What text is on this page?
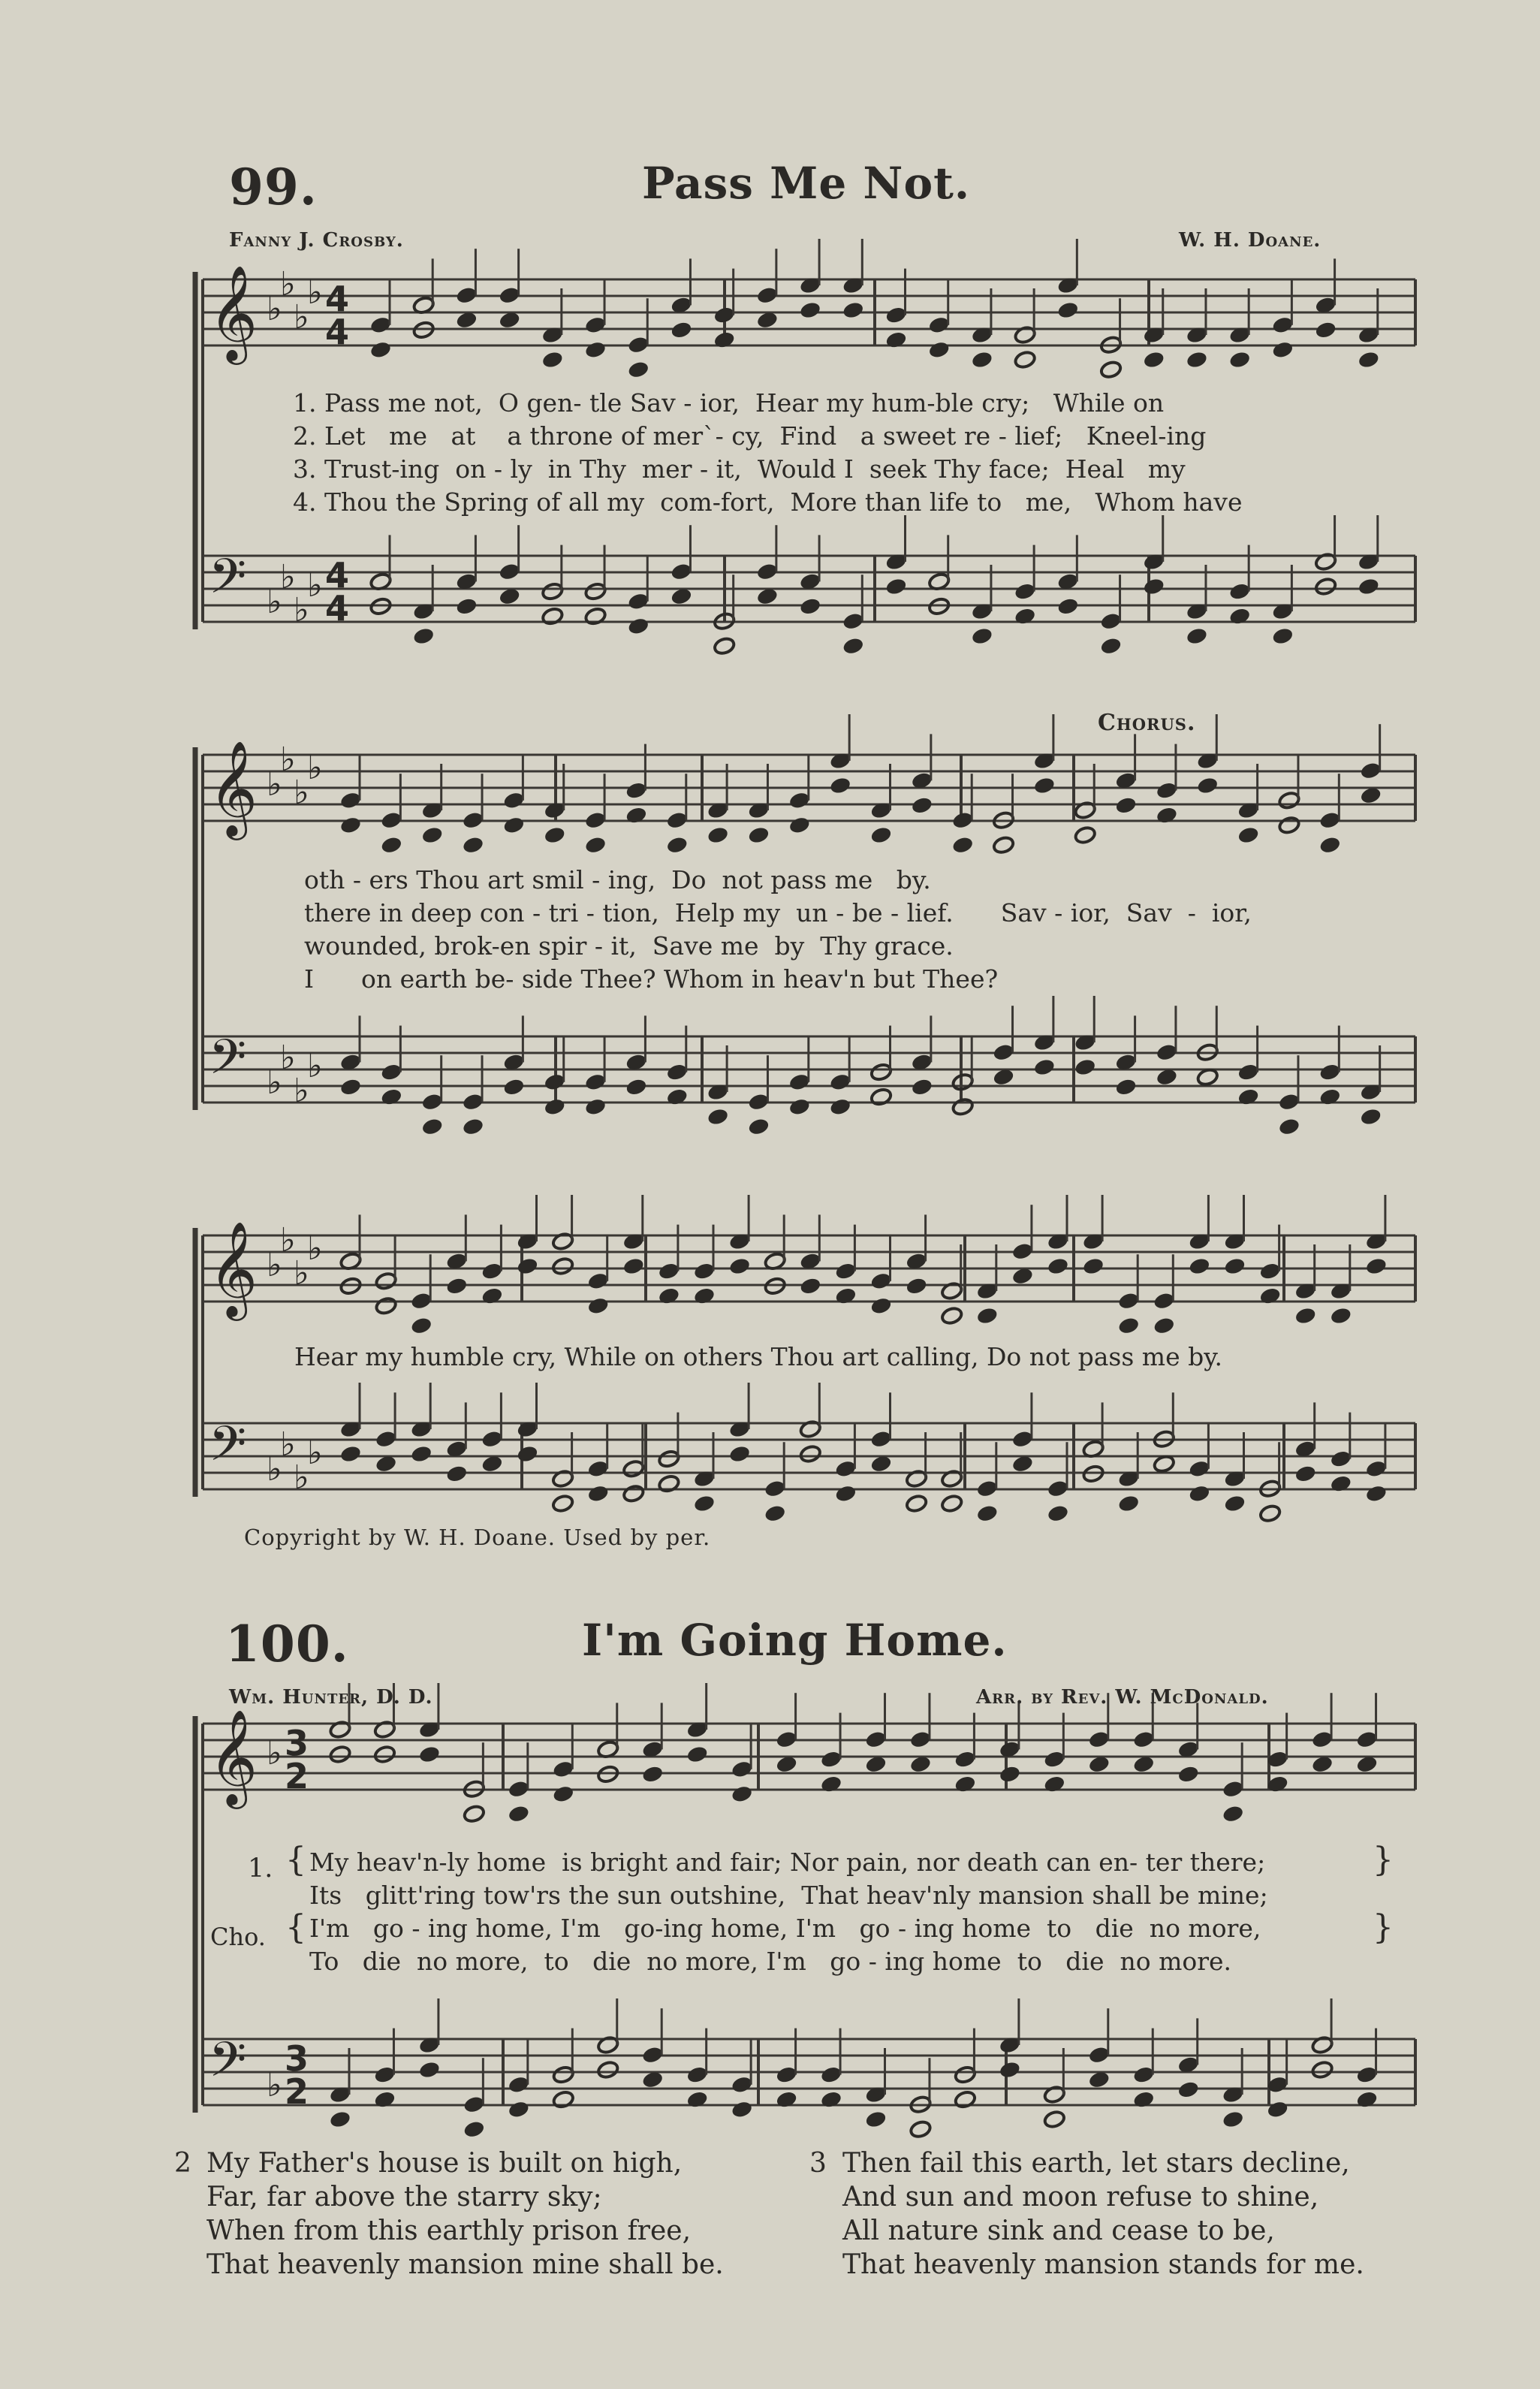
𝄞 ♭
♭
♭
♭ 4
4
𝄢 ♭
♭
♭
♭ 4
4
𝄞 ♭
♭
♭
♭
𝄢 ♭
♭
♭
♭
𝄞 ♭
♭
♭
♭
𝄢 ♭
♭
♭
♭
𝄞 ♭ 3
2
𝄢 ♭
3
2
99.	Pass Me Not.
Fanny J. Crosby.	W. H. Doane.
1. Pass me not,  O gen- tle Sav - ior,  Hear my hum-ble cry;   While on
2. Let   me   at    a throne of mer`- cy,  Find   a sweet re - lief;   Kneel-ing
3. Trust-ing  on - ly  in Thy  mer - it,  Would I  seek Thy face;  Heal   my
4. Thou the Spring of all my  com-fort,  More than life to   me,   Whom have
Chorus.
oth - ers Thou art smil - ing,  Do  not pass me   by.
there in deep con - tri - tion,  Help my  un - be - lief.      Sav - ior,  Sav  -  ior,
wounded, brok-en spir - it,  Save me  by  Thy grace.
I      on earth be- side Thee? Whom in heav'n but Thee?
Hear my humble cry, While on others Thou art calling, Do not pass me by.
Copyright by W. H. Doane. Used by per.
100.	I'm Going Home.
Wm. Hunter, D. D.	Arr. by Rev. W. McDonald.
1.
Cho.
{
{
}
}
My heav'n-ly home  is bright and fair; Nor pain, nor death can en- ter there;
Its   glitt'ring tow'rs the sun outshine,  That heav'nly mansion shall be mine;
I'm   go - ing home, I'm   go-ing home, I'm   go - ing home  to   die  no more,
To   die  no more,  to   die  no more, I'm   go - ing home  to   die  no more.
2 My Father's house is built on high,
Far, far above the starry sky;
When from this earthly prison free,
That heavenly mansion mine shall be.
3 Then fail this earth, let stars decline,
And sun and moon refuse to shine,
All nature sink and cease to be,
That heavenly mansion stands for me.
